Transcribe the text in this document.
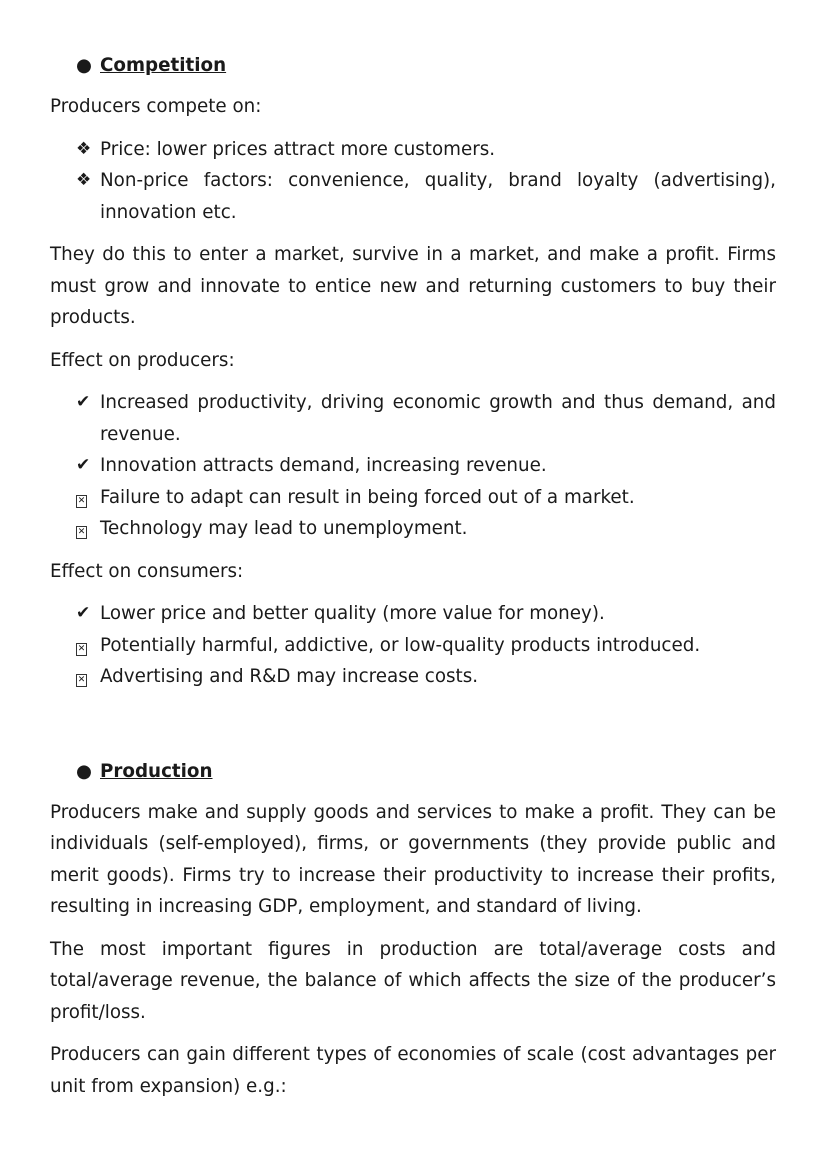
● Competition

Producers compete on:

❖ Price: lower prices attract more customers.
❖ Non-price factors: convenience, quality, brand loyalty (advertising), innovation etc.

They do this to enter a market, survive in a market, and make a profit. Firms must grow and innovate to entice new and returning customers to buy their products.

Effect on producers:

✔ Increased productivity, driving economic growth and thus demand, and revenue.
✔ Innovation attracts demand, increasing revenue.
✕ Failure to adapt can result in being forced out of a market.
✕ Technology may lead to unemployment.

Effect on consumers:

✔ Lower price and better quality (more value for money).
✕ Potentially harmful, addictive, or low-quality products introduced.
✕ Advertising and R&D may increase costs.
● Production

Producers make and supply goods and services to make a profit. They can be individuals (self-employed), firms, or governments (they provide public and merit goods). Firms try to increase their productivity to increase their profits, resulting in increasing GDP, employment, and standard of living.

The most important figures in production are total/average costs and total/average revenue, the balance of which affects the size of the producer’s profit/loss.

Producers can gain different types of economies of scale (cost advantages per unit from expansion) e.g.:
